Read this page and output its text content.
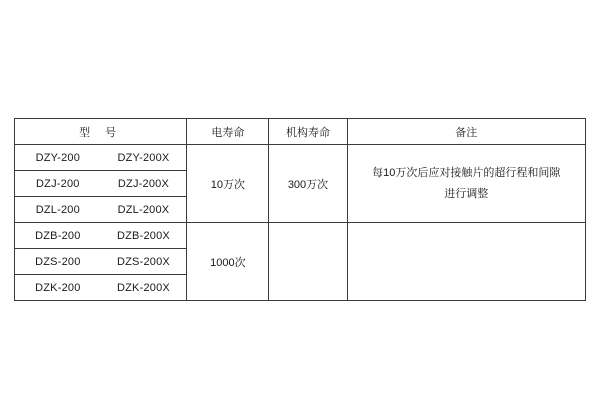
型 号	电寿命	机构寿命	备注

DZY-200 DZY-200X	10万次	300万次	每10万次后应对接触片的超行程和间隙
进行调整

DZJ-200 DZJ-200X			

DZL-200 DZL-200X			

DZB-200 DZB-200X	1000次		

DZS-200 DZS-200X			

DZK-200 DZK-200X			
